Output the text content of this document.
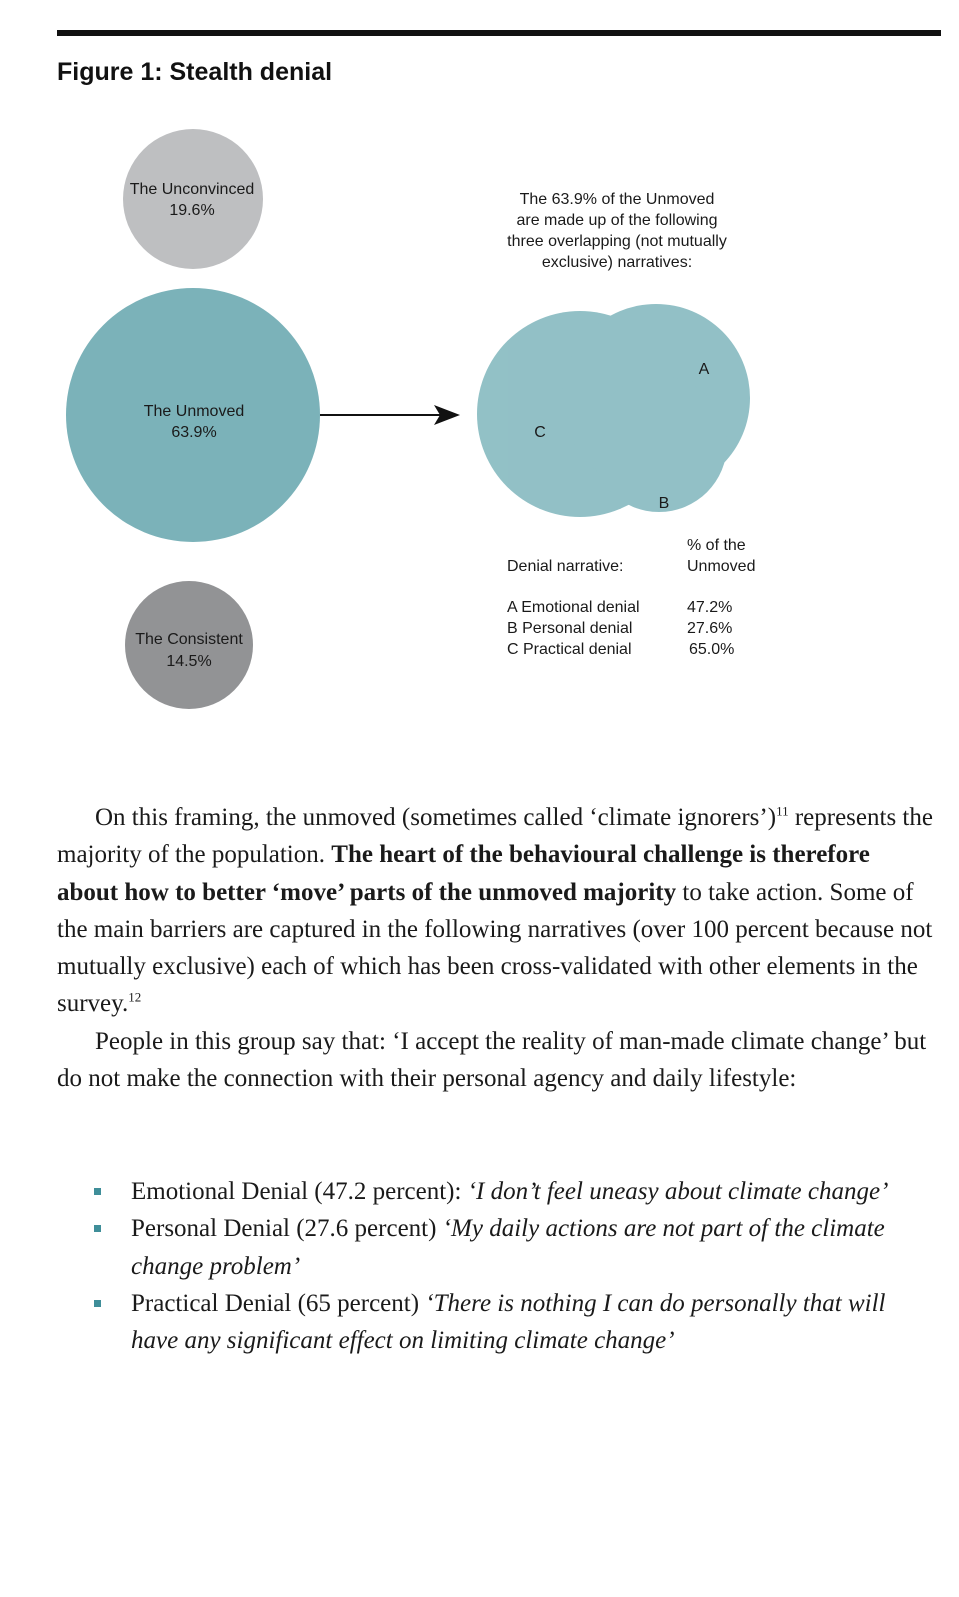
Figure 1: Stealth denial
The Unconvinced
19.6%
The Unmoved
63.9%
The Consistent
14.5%
The 63.9% of the Unmoved
are made up of the following
three overlapping (not mutually
exclusive) narratives:
A
C
B
% of the
Unmoved
Denial narrative:
A Emotional denial	47.2%
B Personal denial	27.6%
C Practical denial	65.0%

On this framing, the unmoved (sometimes called ‘climate ignorers’)$^{11}$ represents the majority of the population. The heart of the behavioural challenge is therefore about how to better ‘move’ parts of the unmoved majority to take action. Some of the main barriers are captured in the following narratives (over 100 percent because not mutually exclusive) each of which has been cross-validated with other elements in the survey.$^{12}$

People in this group say that: ‘I accept the reality of man-made climate change’ but do not make the connection with their personal agency and daily lifestyle:

Emotional Denial (47.2 percent): ‘I don’t feel uneasy about climate change’
Personal Denial (27.6 percent) ‘My daily actions are not part of the climate change problem’
Practical Denial (65 percent) ‘There is nothing I can do personally that will have any significant effect on limiting climate change’
